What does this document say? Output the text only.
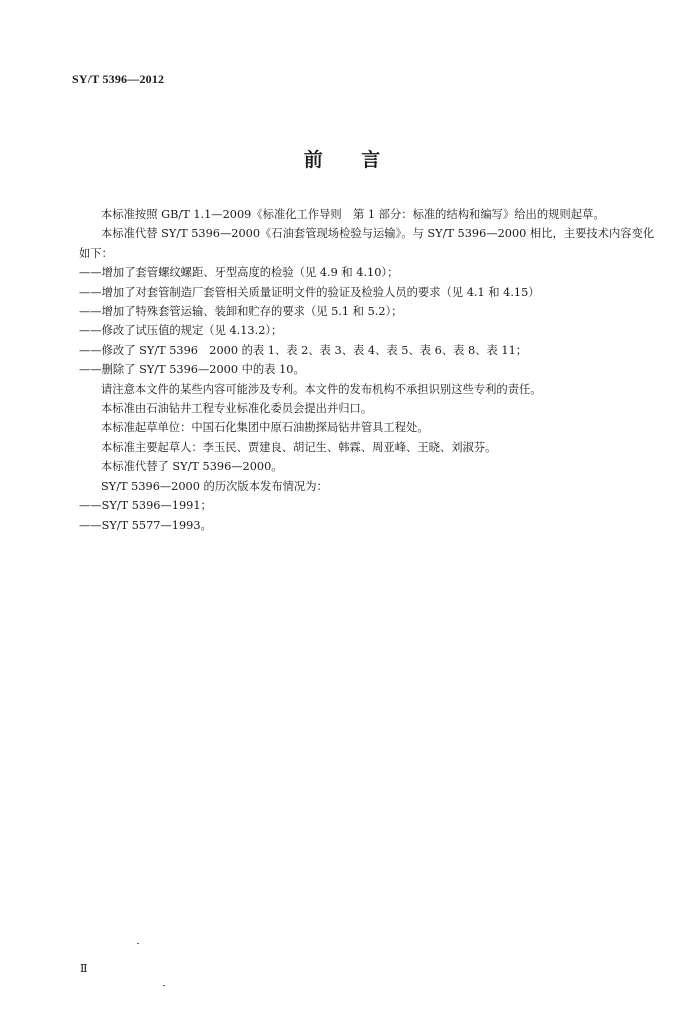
SY/T 5396—2012
前 言

本标准按照 GB/T 1.1—2009《标准化工作导则　第 1 部分：标准的结构和编写》给出的规则起草。

本标准代替 SY/T 5396—2000《石油套管现场检验与运输》。与 SY/T 5396—2000 相比，主要技术内容变化如下：

——增加了套管螺纹螺距、牙型高度的检验（见 4.9 和 4.10）；

——增加了对套管制造厂套管相关质量证明文件的验证及检验人员的要求（见 4.1 和 4.15）

——增加了特殊套管运输、装卸和贮存的要求（见 5.1 和 5.2）；

——修改了试压值的规定（见 4.13.2）；

——修改了 SY/T 5396　2000 的表 1、表 2、表 3、表 4、表 5、表 6、表 8、表 11；

——删除了 SY/T 5396—2000 中的表 10。

请注意本文件的某些内容可能涉及专利。本文件的发布机构不承担识别这些专利的责任。

本标准由石油钻井工程专业标准化委员会提出并归口。

本标准起草单位：中国石化集团中原石油勘探局钻井管具工程处。

本标准主要起草人：李玉民、贾建良、胡记生、韩霖、周亚峰、王晓、刘淑芬。

本标准代替了 SY/T 5396—2000。

SY/T 5396—2000 的历次版本发布情况为：

——SY/T 5396—1991；

——SY/T 5577—1993。

Ⅱ
